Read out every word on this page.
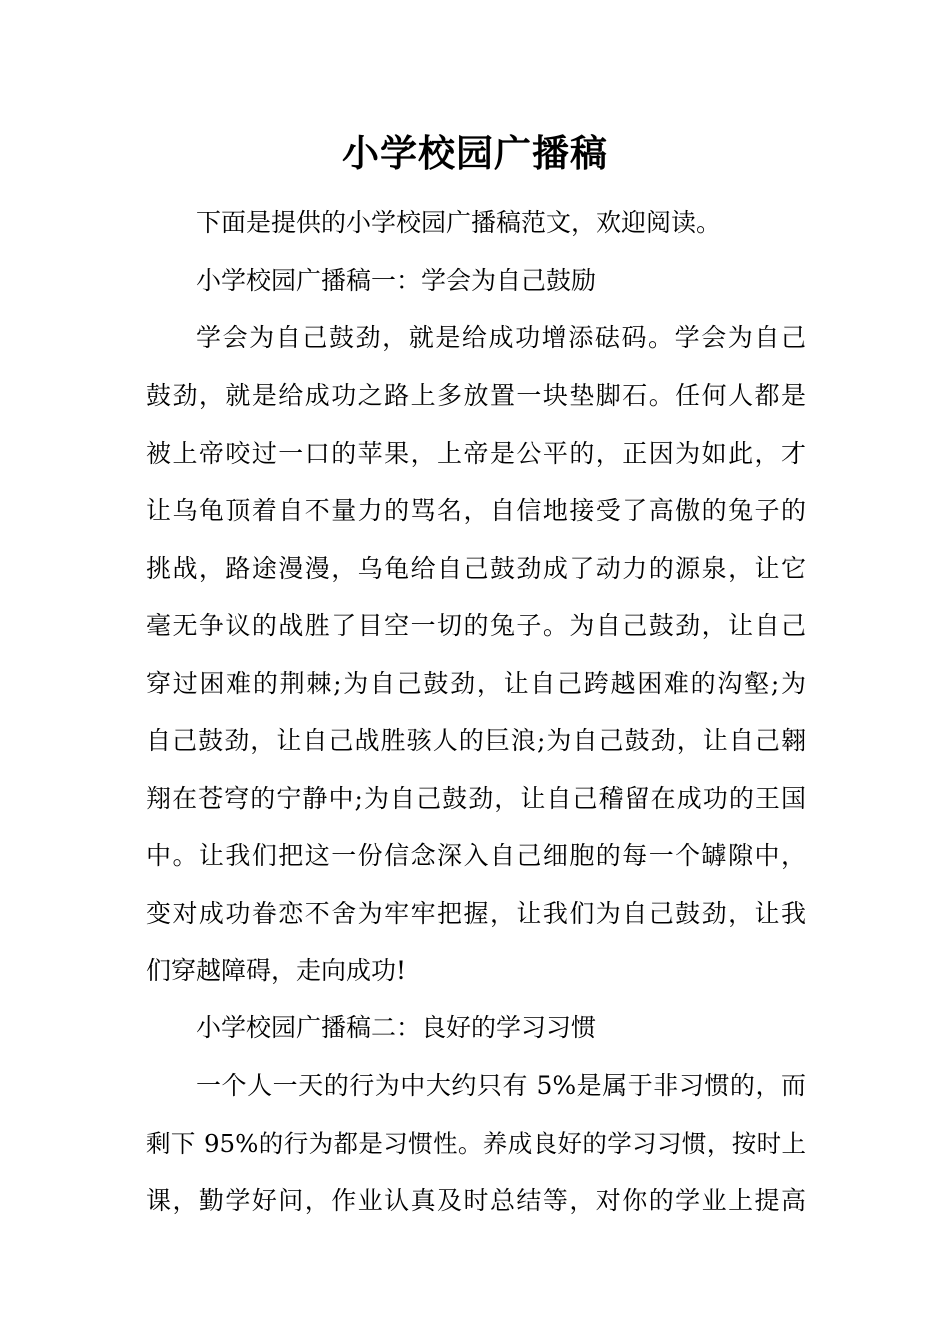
小学校园广播稿
下面是提供的小学校园广播稿范文，欢迎阅读。
小学校园广播稿一：学会为自己鼓励
学会为自己鼓劲，就是给成功增添砝码。学会为自己
鼓劲，就是给成功之路上多放置一块垫脚石。任何人都是
被上帝咬过一口的苹果，上帝是公平的，正因为如此，才
让乌龟顶着自不量力的骂名，自信地接受了高傲的兔子的
挑战，路途漫漫，乌龟给自己鼓劲成了动力的源泉，让它
毫无争议的战胜了目空一切的兔子。为自己鼓劲，让自己
穿过困难的荆棘;为自己鼓劲，让自己跨越困难的沟壑;为
自己鼓劲，让自己战胜骇人的巨浪;为自己鼓劲，让自己翱
翔在苍穹的宁静中;为自己鼓劲，让自己稽留在成功的王国
中。让我们把这一份信念深入自己细胞的每一个罅隙中，
变对成功眷恋不舍为牢牢把握，让我们为自己鼓劲，让我
们穿越障碍，走向成功!
小学校园广播稿二：良好的学习习惯
一个人一天的行为中大约只有 5%是属于非习惯的，而
剩下 95%的行为都是习惯性。养成良好的学习习惯，按时上
课，勤学好问，作业认真及时总结等，对你的学业上提高
